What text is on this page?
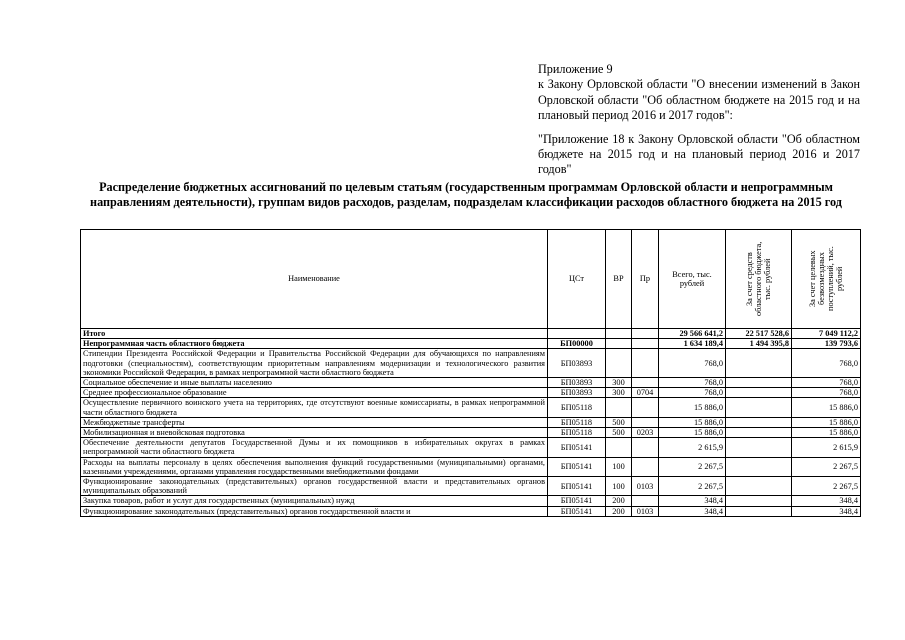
Приложение 9
к Закону Орловской области "О внесении изменений в Закон Орловской области "Об областном бюджете на 2015 год и на плановый период 2016 и 2017 годов":
"Приложение 18 к Закону Орловской области "Об областном бюджете на 2015 год и на плановый период 2016 и 2017 годов"
Распределение бюджетных ассигнований по целевым статьям (государственным программам Орловской области и непрограммным направлениям деятельности), группам видов расходов, разделам, подразделам классификации расходов областного бюджета на 2015 год
Наименование	ЦСт	ВР	Пр	Всего, тыс. рублей	За счет средств областного бюджета, тыс. рублей	За счет целевых безвозмездных поступлений, тыс. рублей

Итого				29 566 641,2	22 517 528,6	7 049 112,2
Непрограммная часть областного бюджета	БП00000			1 634 189,4	1 494 395,8	139 793,6
Стипендии Президента Российской Федерации и Правительства Российской Федерации для обучающихся по направлениям подготовки (специальностям), соответствующим приоритетным направлениям модернизации и технологического развития экономики Российской Федерации, в рамках непрограммной части областного бюджета	БП03893			768,0		768,0
Социальное обеспечение и иные выплаты населению	БП03893	300		768,0		768,0
Среднее профессиональное образование	БП03893	300	0704	768,0		768,0
Осуществление первичного воинского учета на территориях, где отсутствуют военные комиссариаты, в рамках непрограммной части областного бюджета	БП05118			15 886,0		15 886,0
Межбюджетные трансферты	БП05118	500		15 886,0		15 886,0
Мобилизационная и вневойсковая подготовка	БП05118	500	0203	15 886,0		15 886,0
Обеспечение деятельности депутатов Государственной Думы и их помощников в избирательных округах в рамках непрограммной части областного бюджета	БП05141			2 615,9		2 615,9
Расходы на выплаты персоналу в целях обеспечения выполнения функций государственными (муниципальными) органами, казенными учреждениями, органами управления государственными внебюджетными фондами	БП05141	100		2 267,5		2 267,5
Функционирование законодательных (представительных) органов государственной власти и представительных органов муниципальных образований	БП05141	100	0103	2 267,5		2 267,5
Закупка товаров, работ и услуг для государственных (муниципальных) нужд	БП05141	200		348,4		348,4
Функционирование законодательных (представительных) органов государственной власти и	БП05141	200	0103	348,4		348,4
